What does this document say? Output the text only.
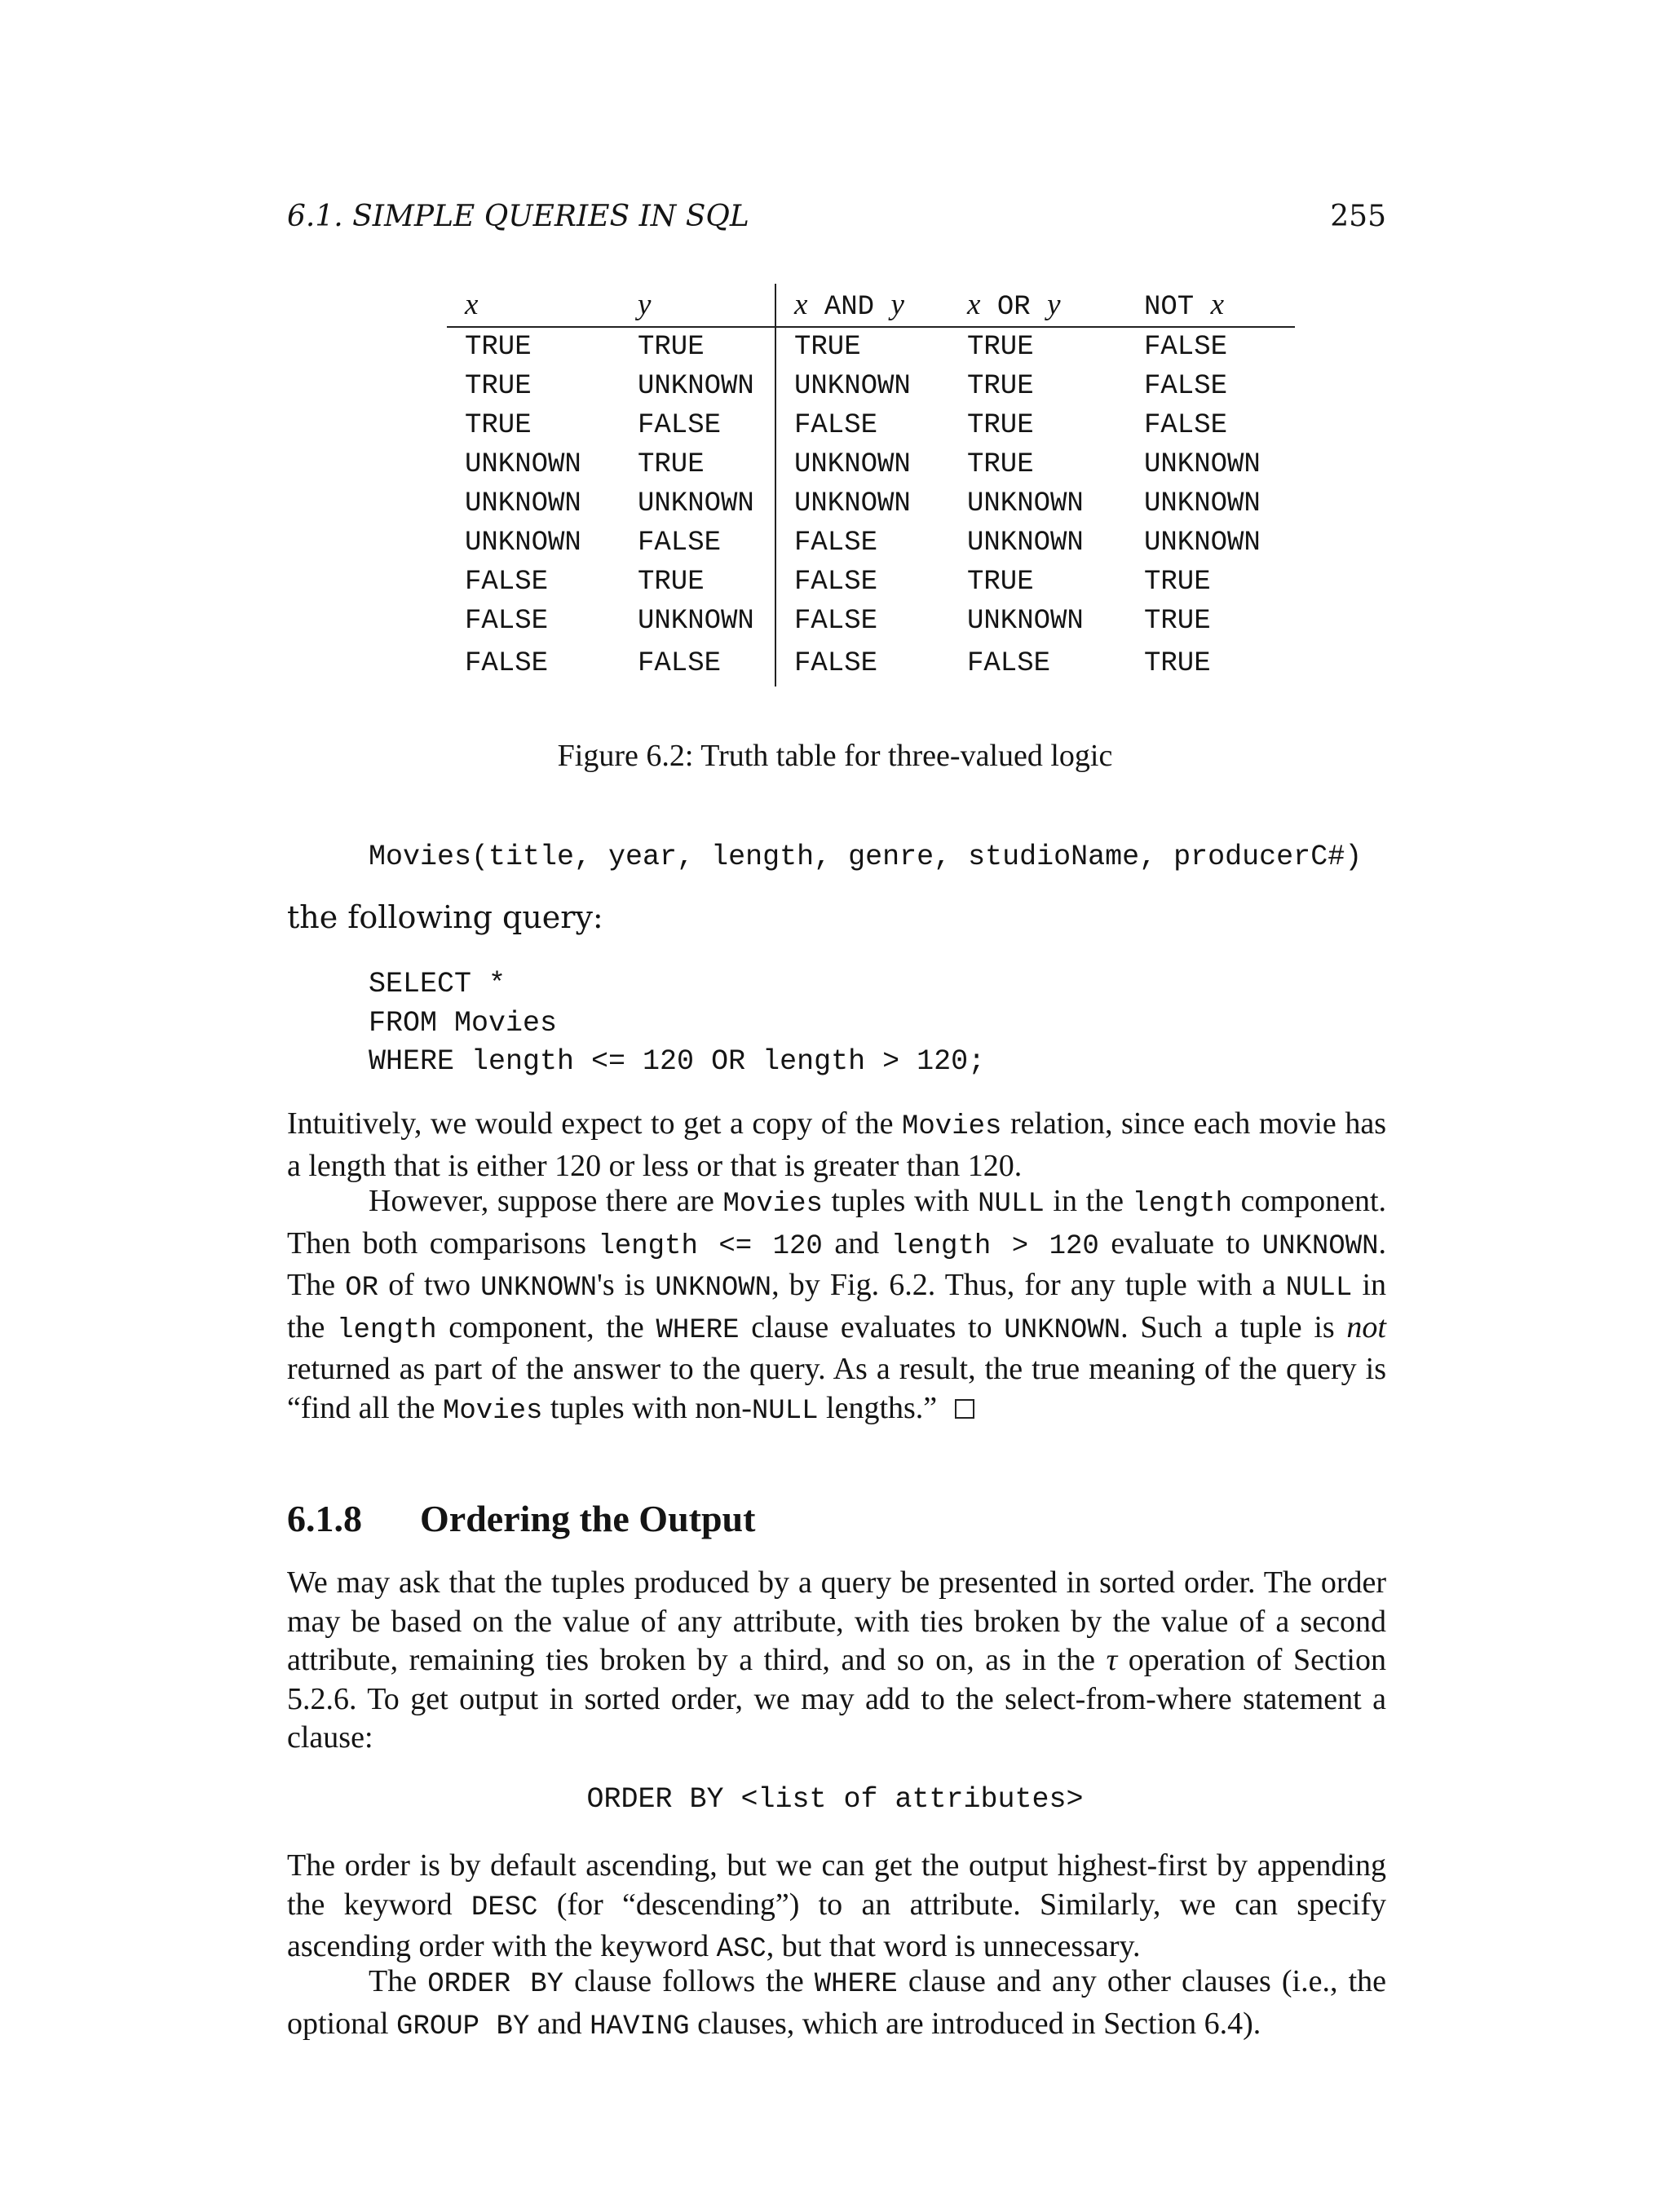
6.1. SIMPLE QUERIES IN SQL	255
x	y	x AND y	x OR y	NOT x
TRUE	TRUE	TRUE	TRUE	FALSE
TRUE	UNKNOWN	UNKNOWN	TRUE	FALSE
TRUE	FALSE	FALSE	TRUE	FALSE
UNKNOWN	TRUE	UNKNOWN	TRUE	UNKNOWN
UNKNOWN	UNKNOWN	UNKNOWN	UNKNOWN	UNKNOWN
UNKNOWN	FALSE	FALSE	UNKNOWN	UNKNOWN
FALSE	TRUE	FALSE	TRUE	TRUE
FALSE	UNKNOWN	FALSE	UNKNOWN	TRUE
FALSE	FALSE	FALSE	FALSE	TRUE
Figure 6.2: Truth table for three-valued logic
Movies(title, year, length, genre, studioName, producerC#)
the following query:
SELECT *
FROM Movies
WHERE length <= 120 OR length > 120;
Intuitively, we would expect to get a copy of the Movies relation, since each movie has a length that is either 120 or less or that is greater than 120.
However, suppose there are Movies tuples with NULL in the length component. Then both comparisons length <= 120 and length > 120 evaluate to UNKNOWN. The OR of two UNKNOWN's is UNKNOWN, by Fig. 6.2. Thus, for any tuple with a NULL in the length component, the WHERE clause evaluates to UNKNOWN. Such a tuple is not returned as part of the answer to the query. As a result, the true meaning of the query is “find all the Movies tuples with non-NULL lengths.”
6.1.8 Ordering the Output
We may ask that the tuples produced by a query be presented in sorted order. The order may be based on the value of any attribute, with ties broken by the value of a second attribute, remaining ties broken by a third, and so on, as in the τ operation of Section 5.2.6. To get output in sorted order, we may add to the select-from-where statement a clause:
ORDER BY <list of attributes>
The order is by default ascending, but we can get the output highest-first by appending the keyword DESC (for “descending”) to an attribute. Similarly, we can specify ascending order with the keyword ASC, but that word is unnecessary.
The ORDER BY clause follows the WHERE clause and any other clauses (i.e., the optional GROUP BY and HAVING clauses, which are introduced in Section 6.4).
